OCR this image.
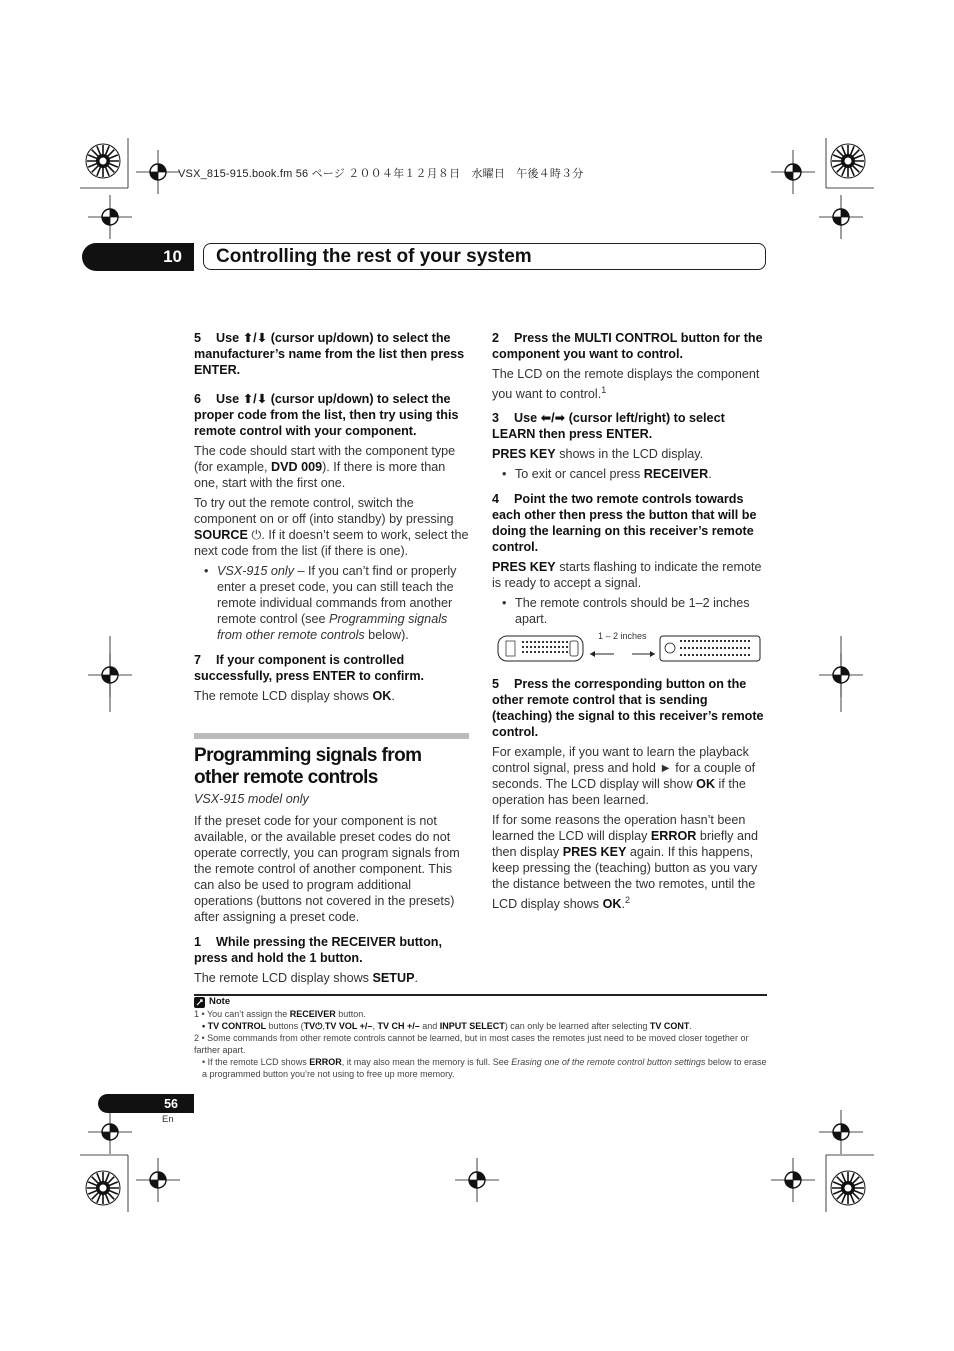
VSX_815-915.book.fm 56 ページ ２００４年１２月８日　水曜日　午後４時３分
10	Controlling the rest of your system

5 Use ⬆/⬇ (cursor up/down) to select the manufacturer’s name from the list then press ENTER.

6 Use ⬆/⬇ (cursor up/down) to select the proper code from the list, then try using this remote control with your component.

The code should start with the component type (for example, DVD 009). If there is more than one, start with the first one.

To try out the remote control, switch the component on or off (into standby) by pressing SOURCE ⏻. If it doesn’t seem to work, select the next code from the list (if there is one).

• VSX-915 only – If you can’t find or properly enter a preset code, you can still teach the remote individual commands from another remote control (see Programming signals from other remote controls below).

7 If your component is controlled successfully, press ENTER to confirm.

The remote LCD display shows OK.

Programming signals from other remote controls

VSX-915 model only

If the preset code for your component is not available, or the available preset codes do not operate correctly, you can program signals from the remote control of another component. This can also be used to program additional operations (buttons not covered in the presets) after assigning a preset code.

1 While pressing the RECEIVER button, press and hold the 1 button.

The remote LCD display shows SETUP.

2 Press the MULTI CONTROL button for the component you want to control.

The LCD on the remote displays the component you want to control.$^1$

3 Use ⬅/➡ (cursor left/right) to select LEARN then press ENTER.

PRES KEY shows in the LCD display.

• To exit or cancel press RECEIVER.

4 Point the two remote controls towards each other then press the button that will be doing the learning on this receiver’s remote control.

PRES KEY starts flashing to indicate the remote is ready to accept a signal.

• The remote controls should be 1–2 inches apart.

1 – 2 inches

5 Press the corresponding button on the other remote control that is sending (teaching) the signal to this receiver’s remote control.

For example, if you want to learn the playback control signal, press and hold ► for a couple of seconds. The LCD display will show OK if the operation has been learned.

If for some reasons the operation hasn’t been learned the LCD will display ERROR briefly and then display PRES KEY again. If this happens, keep pressing the (teaching) button as you vary the distance between the two remotes, until the LCD display shows OK.$^2$

Note

1 • You can’t assign the RECEIVER button.

• TV CONTROL buttons (TV⏻,TV VOL +/–, TV CH +/– and INPUT SELECT) can only be learned after selecting TV CONT.

2 • Some commands from other remote controls cannot be learned, but in most cases the remotes just need to be moved closer together or farther apart.

• If the remote LCD shows ERROR, it may also mean the memory is full. See Erasing one of the remote control button settings below to erase a programmed button you’re not using to free up more memory.

56
En
